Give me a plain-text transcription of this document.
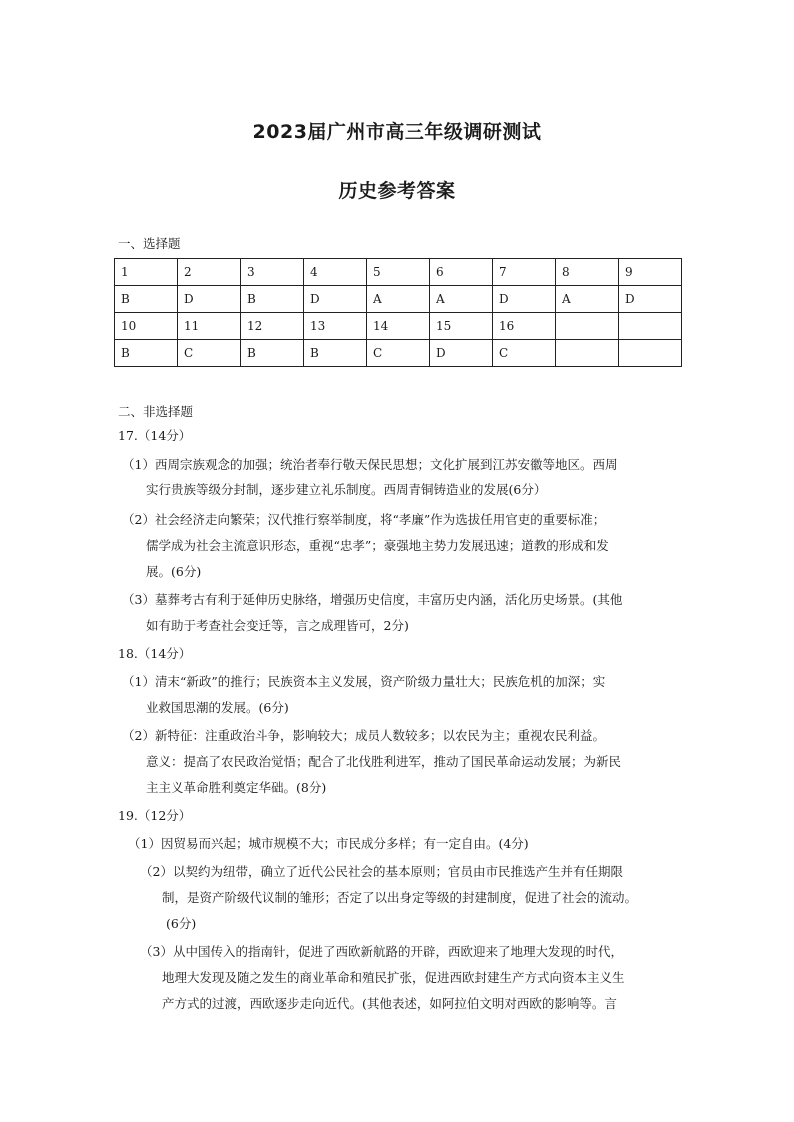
2023届广州市高三年级调研测试
历史参考答案
一、选择题
1	2	3	4	5	6	7	8	9
B	D	B	D	A	A	D	A	D
10	11	12	13	14	15	16		
B	C	B	B	C	D	C		
二、非选择题
17.（14分）
（1）西周宗族观念的加强；统治者奉行敬天保民思想；文化扩展到江苏安徽等地区。西周
实行贵族等级分封制，逐步建立礼乐制度。西周青铜铸造业的发展(6分）
（2）社会经济走向繁荣；汉代推行察举制度，将“孝廉”作为选拔任用官吏的重要标准；
儒学成为社会主流意识形态，重视“忠孝”；豪强地主势力发展迅速；道教的形成和发
展。(6分)
（3）墓葬考古有利于延伸历史脉络，增强历史信度，丰富历史内涵，活化历史场景。(其他
如有助于考查社会变迁等，言之成理皆可，2分)
18.（14分）
（1）清末“新政”的推行；民族资本主义发展，资产阶级力量壮大；民族危机的加深；实
业救国思潮的发展。(6分)
（2）新特征：注重政治斗争，影响较大；成员人数较多；以农民为主；重视农民利益。
意义：提高了农民政治觉悟；配合了北伐胜利进军，推动了国民革命运动发展；为新民
主主义革命胜利奠定华础。(8分)
19.（12分）
（1）因贸易而兴起；城市规模不大；市民成分多样；有一定自由。(4分)
（2）以契约为纽带，确立了近代公民社会的基本原则；官员由市民推选产生并有任期限
制，是资产阶级代议制的雏形；否定了以出身定等级的封建制度，促进了社会的流动。
(6分)
（3）从中国传入的指南针，促进了西欧新航路的开辟，西欧迎来了地理大发现的时代，
地理大发现及随之发生的商业革命和殖民扩张，促进西欧封建生产方式向资本主义生
产方式的过渡，西欧逐步走向近代。(其他表述，如阿拉伯文明对西欧的影响等。言
